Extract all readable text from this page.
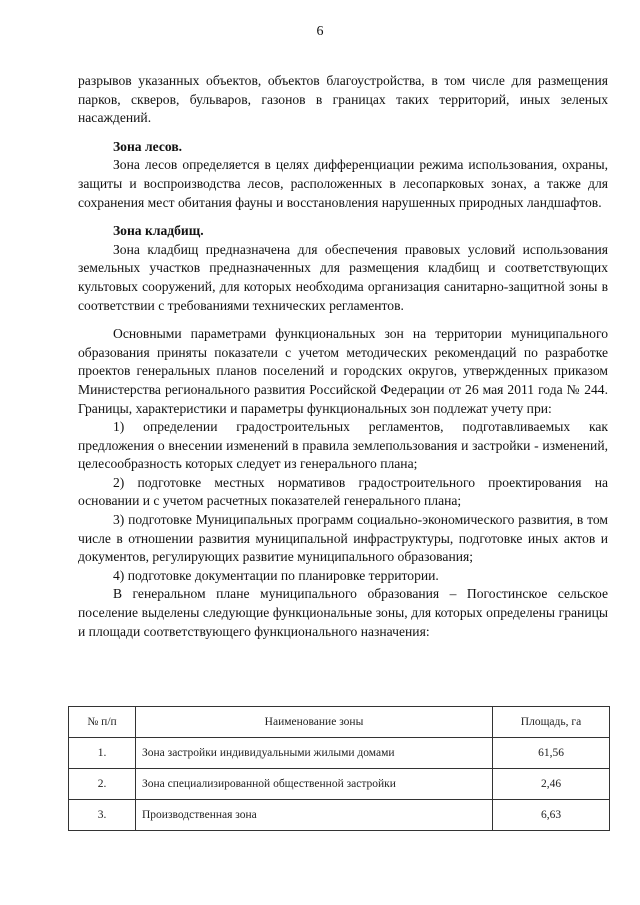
6

разрывов указанных объектов, объектов благоустройства, в том числе для размещения парков, скверов, бульваров, газонов в границах таких территорий, иных зеленых насаждений.

Зона лесов.

Зона лесов определяется в целях дифференциации режима использования, охраны, защиты и воспроизводства лесов, расположенных в лесопарковых зонах, а также для сохранения мест обитания фауны и восстановления нарушенных природных ландшафтов.

Зона кладбищ.

Зона кладбищ предназначена для обеспечения правовых условий использования земельных участков предназначенных для размещения кладбищ и соответствующих культовых сооружений, для которых необходима организация санитарно-защитной зоны в соответствии с требованиями технических регламентов.

Основными параметрами функциональных зон на территории муниципального образования приняты показатели с учетом методических рекомендаций по разработке проектов генеральных планов поселений и городских округов, утвержденных приказом Министерства регионального развития Российской Федерации от 26 мая 2011 года № 244. Границы, характеристики и параметры функциональных зон подлежат учету при:

1) определении градостроительных регламентов, подготавливаемых как предложения о внесении изменений в правила землепользования и застройки - изменений, целесообразность которых следует из генерального плана;

2) подготовке местных нормативов градостроительного проектирования на основании и с учетом расчетных показателей генерального плана;

3) подготовке Муниципальных программ социально-экономического развития, в том числе в отношении развития муниципальной инфраструктуры, подготовке иных актов и документов, регулирующих развитие муниципального образования;

4) подготовке документации по планировке территории.

В генеральном плане муниципального образования – Погостинское сельское поселение выделены следующие функциональные зоны, для которых определены границы и площади соответствующего функционального назначения:

№ п/п	Наименование зоны	Площадь, га
1.	Зона застройки индивидуальными жилыми домами	61,56
2.	Зона специализированной общественной застройки	2,46
3.	Производственная зона	6,63
